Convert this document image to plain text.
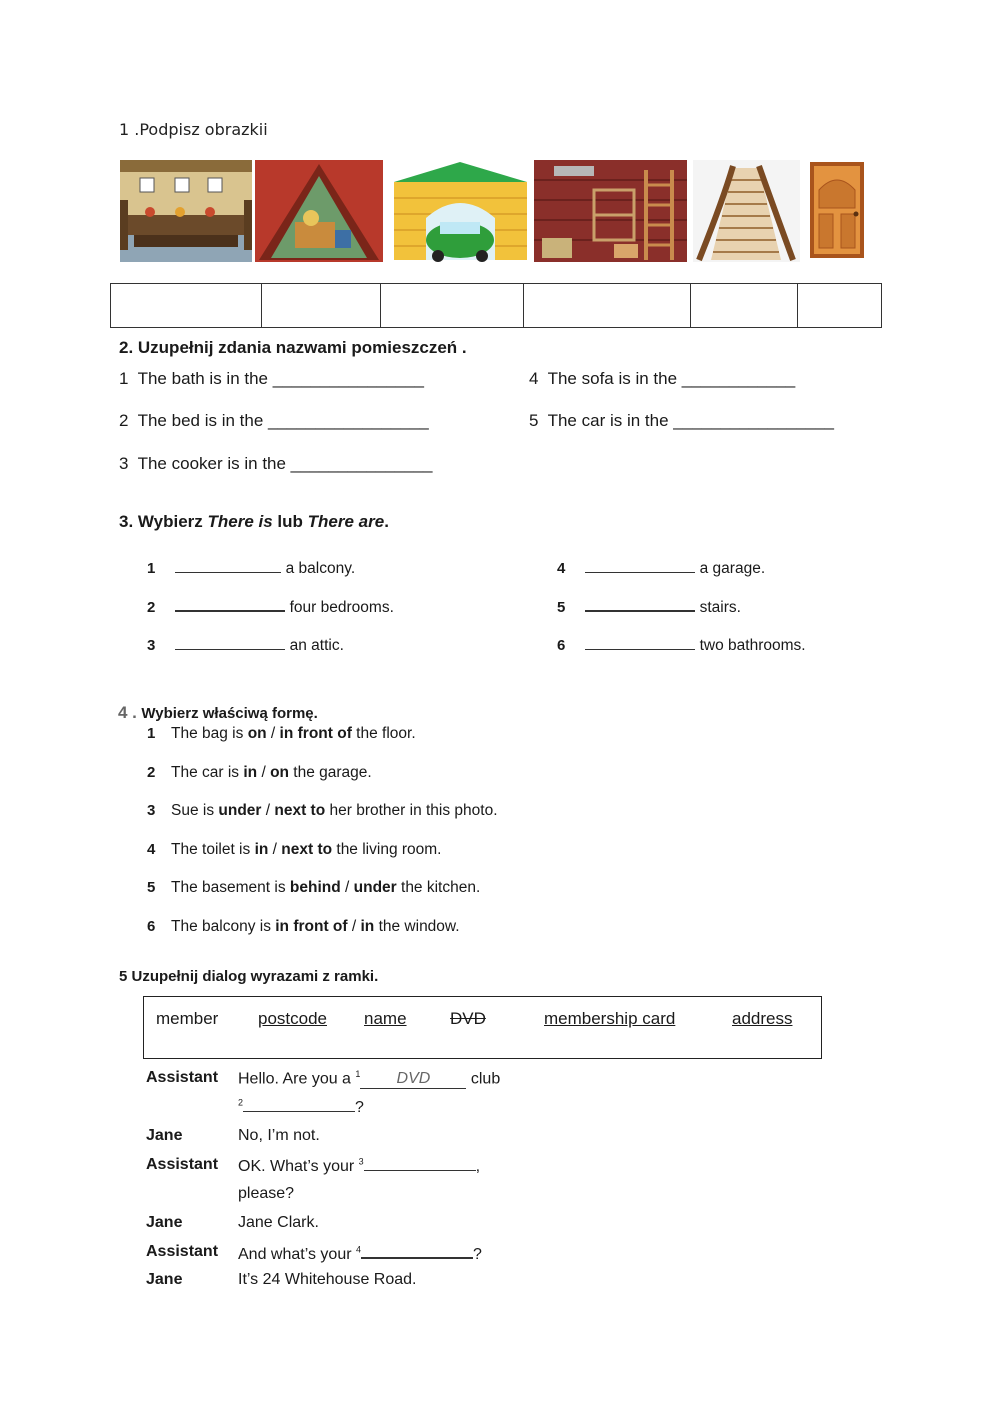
1 .Podpisz obrazkii

2. Uzupełnij zdania nazwami pomieszczeń .
1  The bath is in the ________________
2  The bed is in the _________________
3  The cooker is in the _______________
4  The sofa is in the ____________
5  The car is in the _________________
3. Wybierz There is lub There are.
1	a balcony.
2	four bedrooms.
3	an attic.
4	a garage.
5	stairs.
6	two bathrooms.
4 . Wybierz właściwą formę.
1 The bag is on / in front of the floor.
2 The car is in / on the garage.
3 Sue is under / next to her brother in this photo.
4 The toilet is in / next to the living room.
5 The basement is behind / under the kitchen.
6 The balcony is in front of / in the window.
5 Uzupełnij dialog wyrazami z ramki.
member postcode name	DVD	membership card	address
Assistant Hello. Are you a $^1$ DVD club
$^2$	?
Jane	No, I’m not.
Assistant OK. What’s your $^3$	,
please?
Jane	Jane Clark.
Assistant And what’s your $^4$	?
Jane	It’s 24 Whitehouse Road.
